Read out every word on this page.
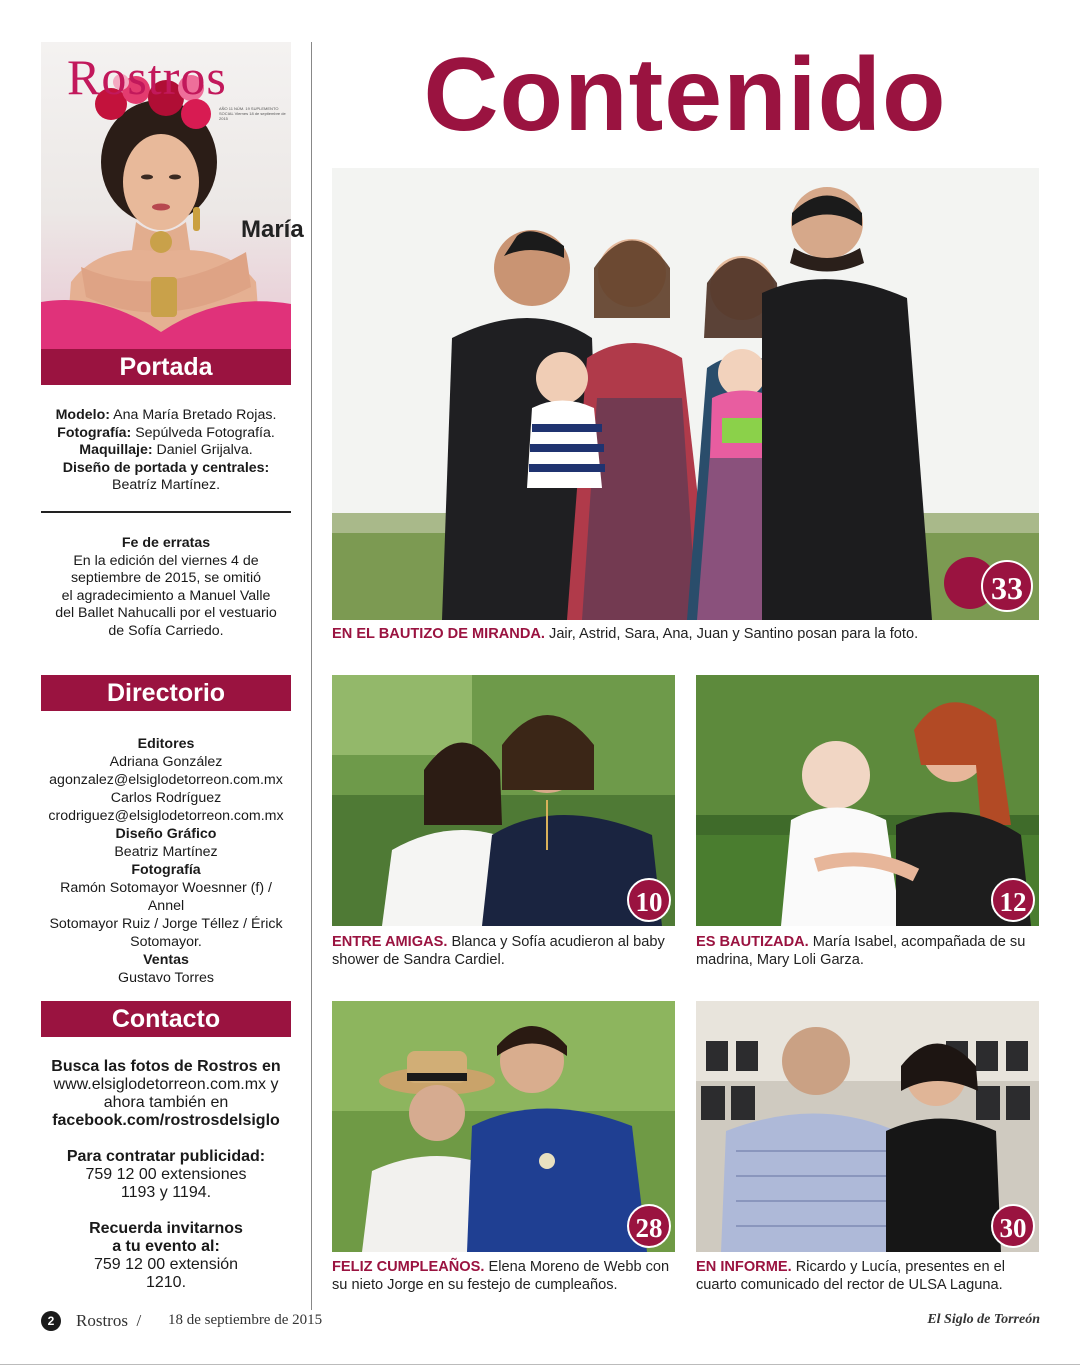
Rostros
AÑO 11 NÚM. 19 SUPLEMENTO SOCIAL Viernes 18 de septiembre de 2015
María
Portada
Modelo: Ana María Bretado Rojas.
Fotografía: Sepúlveda Fotografía.
Maquillaje: Daniel Grijalva.
Diseño de portada y centrales:
Beatríz Martínez.
Fe de erratas
En la edición del viernes 4 de
septiembre de 2015, se omitió
el agradecimiento a Manuel Valle
del Ballet Nahucalli por el vestuario
de Sofía Carriedo.
Directorio
Editores
Adriana González
agonzalez@elsiglodetorreon.com.mx
Carlos Rodríguez
crodriguez@elsiglodetorreon.com.mx
Diseño Gráfico
Beatriz Martínez
Fotografía
Ramón Sotomayor Woesnner (f) / Annel
Sotomayor Ruiz / Jorge Téllez / Érick
Sotomayor.
Ventas
Gustavo Torres
Contacto
Busca las fotos de Rostros en
www.elsiglodetorreon.com.mx y
ahora también en
facebook.com/rostrosdelsiglo
Para contratar publicidad:
759 12 00 extensiones
1193 y 1194.
Recuerda invitarnos
a tu evento al:
759 12 00 extensión
1210.
Contenido
33
EN EL BAUTIZO DE MIRANDA. Jair, Astrid, Sara, Ana, Juan y Santino posan para la foto.
10
ENTRE AMIGAS. Blanca y Sofía acudieron al baby shower de Sandra Cardiel.
12
ES BAUTIZADA. María Isabel, acompañada de su madrina, Mary Loli Garza.
28
FELIZ CUMPLEAÑOS. Elena Moreno de Webb con su nieto Jorge en su festejo de cumpleaños.
30
EN INFORME. Ricardo y Lucía, presentes en el cuarto comunicado del rector de ULSA Laguna.
2	Rostros / 18 de septiembre de 2015	El Siglo de Torreón
